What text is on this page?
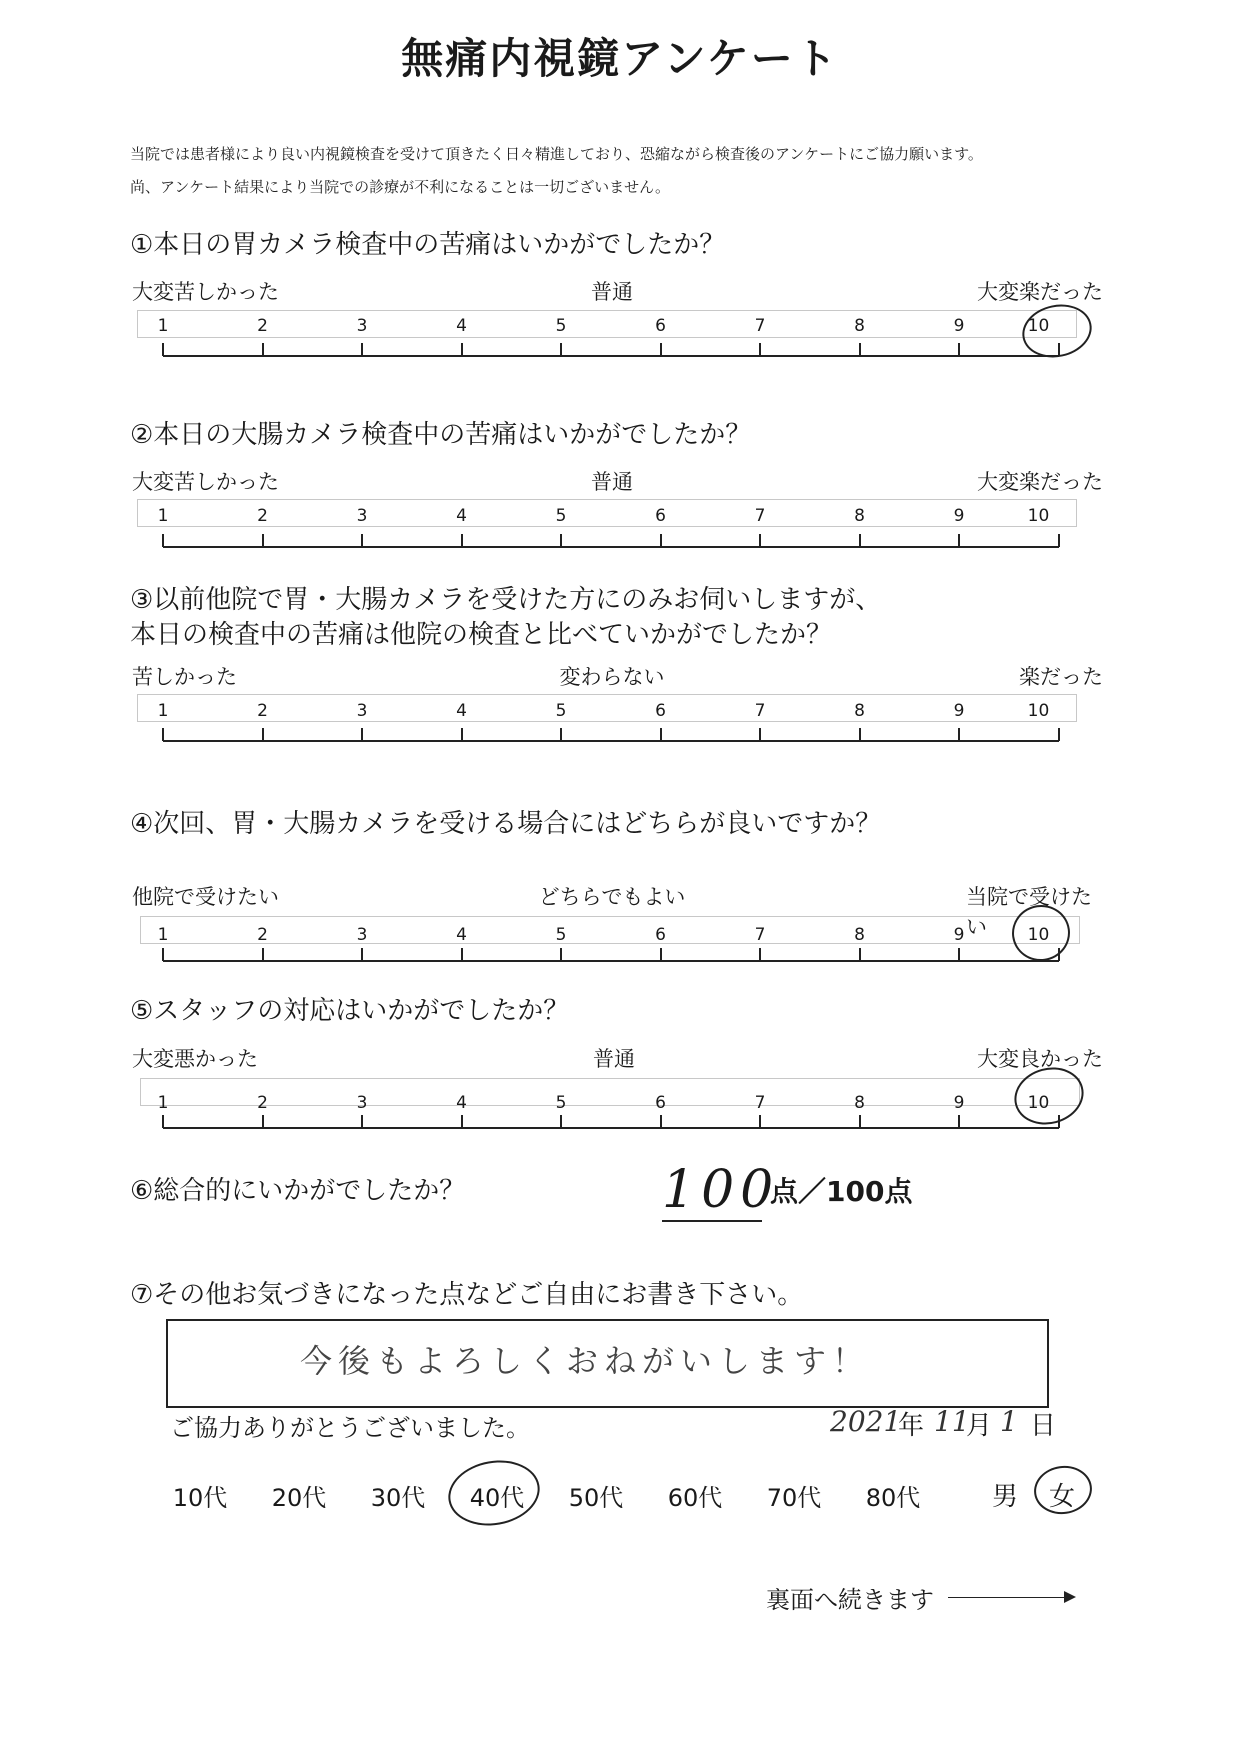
無痛内視鏡アンケート
当院では患者様により良い内視鏡検査を受けて頂きたく日々精進しており、恐縮ながら検査後のアンケートにご協力願います。
尚、アンケート結果により当院での診療が不利になることは一切ございません。
①本日の胃カメラ検査中の苦痛はいかがでしたか？
大変苦しかった	普通	大変楽だった
②本日の大腸カメラ検査中の苦痛はいかがでしたか？
大変苦しかった	普通	大変楽だった
③以前他院で胃・大腸カメラを受けた方にのみお伺いしますが、
本日の検査中の苦痛は他院の検査と比べていかがでしたか？
苦しかった	変わらない	楽だった
④次回、胃・大腸カメラを受ける場合にはどちらが良いですか？
他院で受けたい	どちらでもよい	当院で受けたい
⑤スタッフの対応はいかがでしたか？
大変悪かった	普通	大変良かった
⑥総合的にいかがでしたか？	100
点／100点
⑦その他お気づきになった点などご自由にお書き下さい。
今後もよろしくおねがいします！
ご協力ありがとうございました。	2021
年 11
月 1 日
10代 20代 30代 40代 50代 60代 70代 80代	男 女
裏面へ続きます
1	2	3	4	5	6	7	8	9	10
1	2	3	4	5	6	7	8	9	10
1	2	3	4	5	6	7	8	9	10
1	2	3	4	5	6	7	8	9	10
1	2	3	4	5	6	7	8	9	10
